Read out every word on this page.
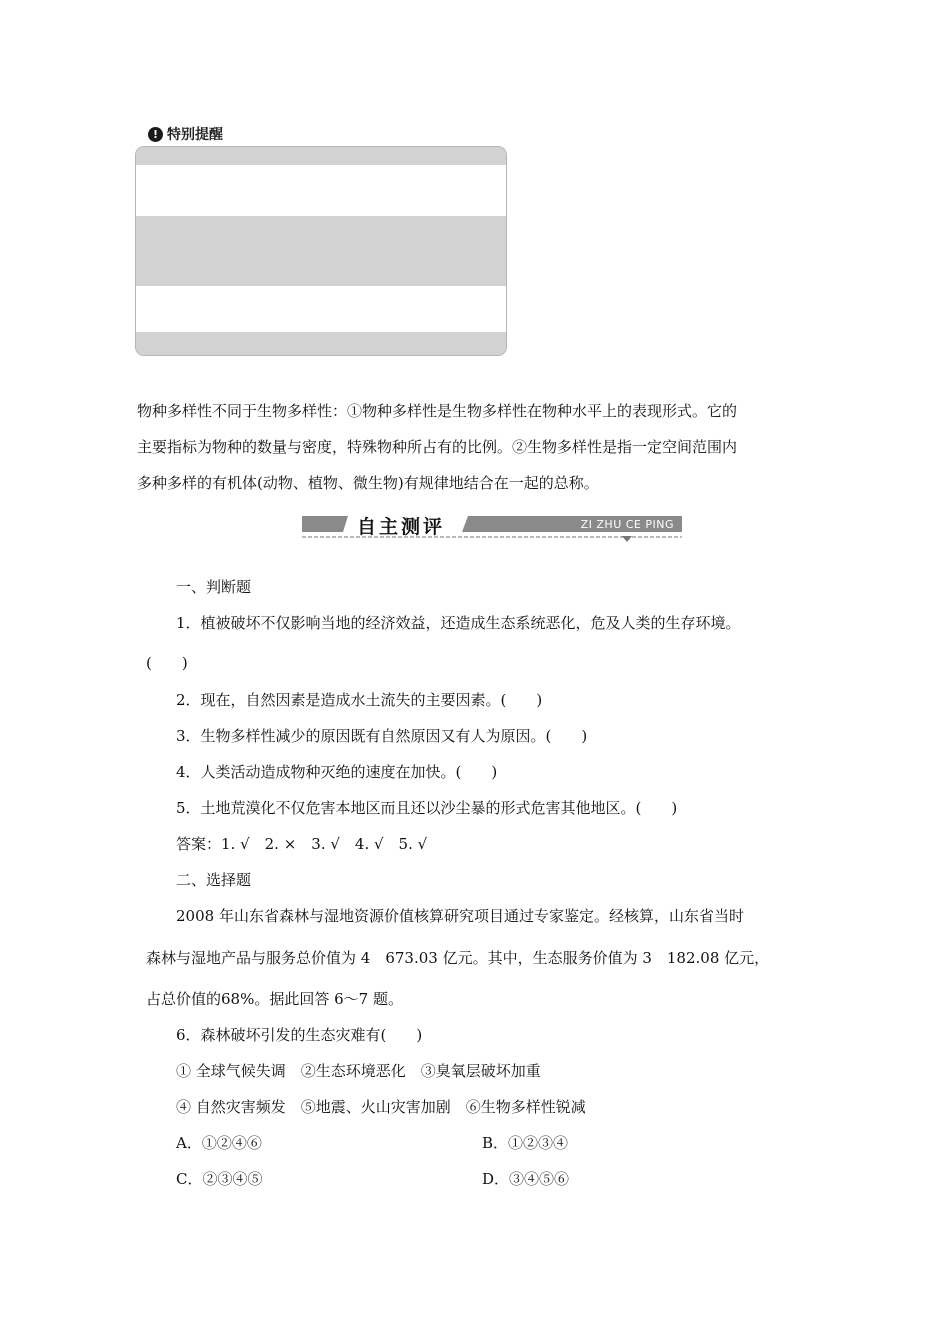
! 特别提醒

物种多样性不同于生物多样性：①物种多样性是生物多样性在物种水平上的表现形式。它的
主要指标为物种的数量与密度，特殊物种所占有的比例。②生物多样性是指一定空间范围内
多种多样的有机体(动物、植物、微生物)有规律地结合在一起的总称。

自主测评	ZI ZHU CE PING

一、判断题

1．植被破坏不仅影响当地的经济效益，还造成生态系统恶化，危及人类的生存环境。

(　　)

2．现在，自然因素是造成水土流失的主要因素。(　　)

3．生物多样性减少的原因既有自然原因又有人为原因。(　　)

4．人类活动造成物种灭绝的速度在加快。(　　)

5．土地荒漠化不仅危害本地区而且还以沙尘暴的形式危害其他地区。(　　)

答案：1. √　2. ×　3. √　4. √　5. √

二、选择题

2008 年山东省森林与湿地资源价值核算研究项目通过专家鉴定。经核算，山东省当时

森林与湿地产品与服务总价值为 4　673.03 亿元。其中，生态服务价值为 3　182.08 亿元，

占总价值的68%。据此回答 6～7 题。

6．森林破坏引发的生态灾难有(　　)

① 全球气候失调　②生态环境恶化　③臭氧层破坏加重

④ 自然灾害频发　⑤地震、火山灾害加剧　⑥生物多样性锐减

A．①②④⑥	B．①②③④

C．②③④⑤	D．③④⑤⑥
